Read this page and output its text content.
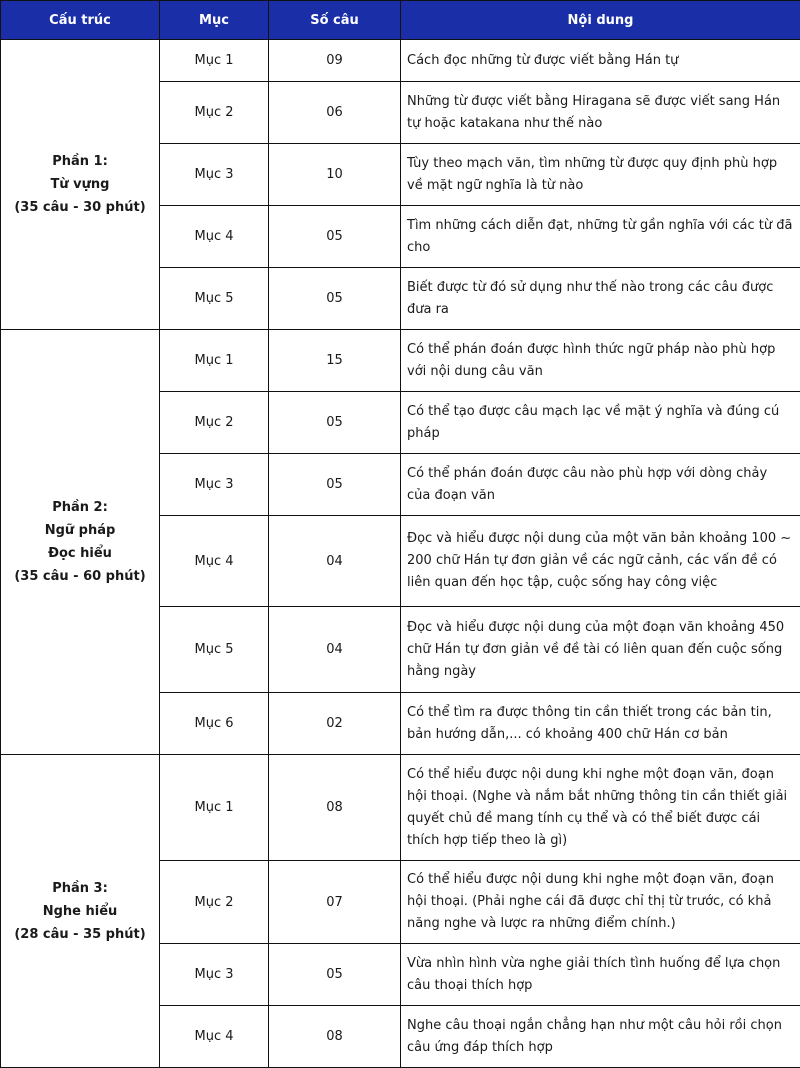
Cấu trúc	Mục	Số câu	Nội dung

Phần 1:
Từ vựng
(35 câu - 30 phút)	Mục 1	09	Cách đọc những từ được viết bằng Hán tự
	Mục 2	06	Những từ được viết bằng Hiragana sẽ được viết sang Hán tự hoặc katakana như thế nào
	Mục 3	10	Tùy theo mạch văn, tìm những từ được quy định phù hợp về mặt ngữ nghĩa là từ nào
	Mục 4	05	Tìm những cách diễn đạt, những từ gần nghĩa với các từ đã cho
	Mục 5	05	Biết được từ đó sử dụng như thế nào trong các câu được đưa ra

Phần 2:
Ngữ pháp
Đọc hiểu
(35 câu - 60 phút)	Mục 1	15	Có thể phán đoán được hình thức ngữ pháp nào phù hợp với nội dung câu văn
	Mục 2	05	Có thể tạo được câu mạch lạc về mặt ý nghĩa và đúng cú pháp
	Mục 3	05	Có thể phán đoán được câu nào phù hợp với dòng chảy của đoạn văn
	Mục 4	04	Đọc và hiểu được nội dung của một văn bản khoảng 100 ~ 200 chữ Hán tự đơn giản về các ngữ cảnh, các vấn đề có liên quan đến học tập, cuộc sống hay công việc
	Mục 5	04	Đọc và hiểu được nội dung của một đoạn văn khoảng 450 chữ Hán tự đơn giản về đề tài có liên quan đến cuộc sống hằng ngày
	Mục 6	02	Có thể tìm ra được thông tin cần thiết trong các bản tin, bản hướng dẫn,... có khoảng 400 chữ Hán cơ bản

Phần 3:
Nghe hiểu
(28 câu - 35 phút)	Mục 1	08	Có thể hiểu được nội dung khi nghe một đoạn văn, đoạn hội thoại. (Nghe và nắm bắt những thông tin cần thiết giải quyết chủ đề mang tính cụ thể và có thể biết được cái thích hợp tiếp theo là gì)
	Mục 2	07	Có thể hiểu được nội dung khi nghe một đoạn văn, đoạn hội thoại. (Phải nghe cái đã được chỉ thị từ trước, có khả năng nghe và lược ra những điểm chính.)
	Mục 3	05	Vừa nhìn hình vừa nghe giải thích tình huống để lựa chọn câu thoại thích hợp
	Mục 4	08	Nghe câu thoại ngắn chẳng hạn như một câu hỏi rồi chọn câu ứng đáp thích hợp
